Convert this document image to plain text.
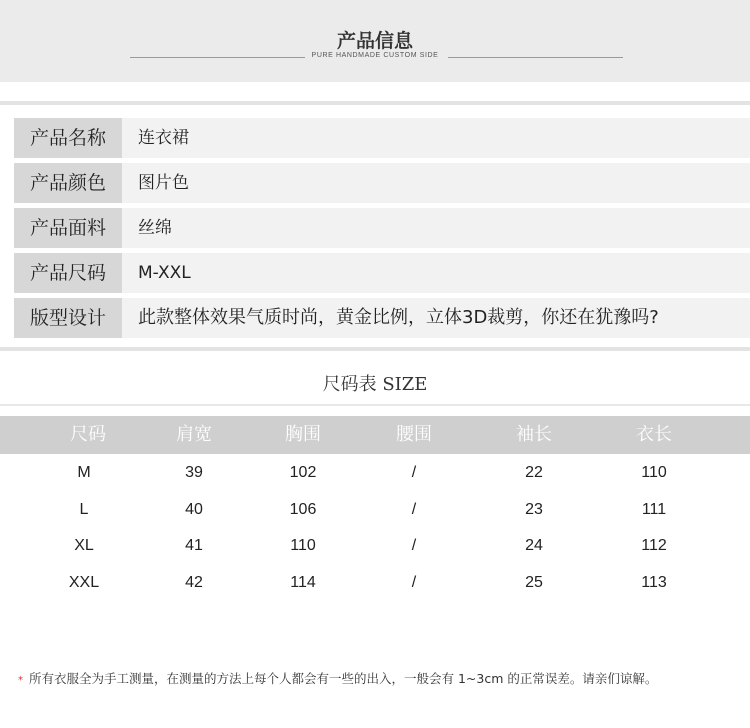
产品信息
PURE HANDMADE CUSTOM SIDE
产品名称	连衣裙
产品颜色	图片色
产品面料	丝绵
产品尺码	M-XXL
版型设计	此款整体效果气质时尚，黄金比例，立体3D裁剪，你还在犹豫吗?
尺码表 SIZE
尺码	肩宽	胸围	腰围	袖长	衣长
M	39	102	/	22	110
L	40	106	/	23	111
XL	41	110	/	24	112
XXL	42	114	/	25	113
* 所有衣服全为手工测量，在测量的方法上每个人都会有一些的出入，一般会有 1~3cm 的正常误差。请亲们谅解。
